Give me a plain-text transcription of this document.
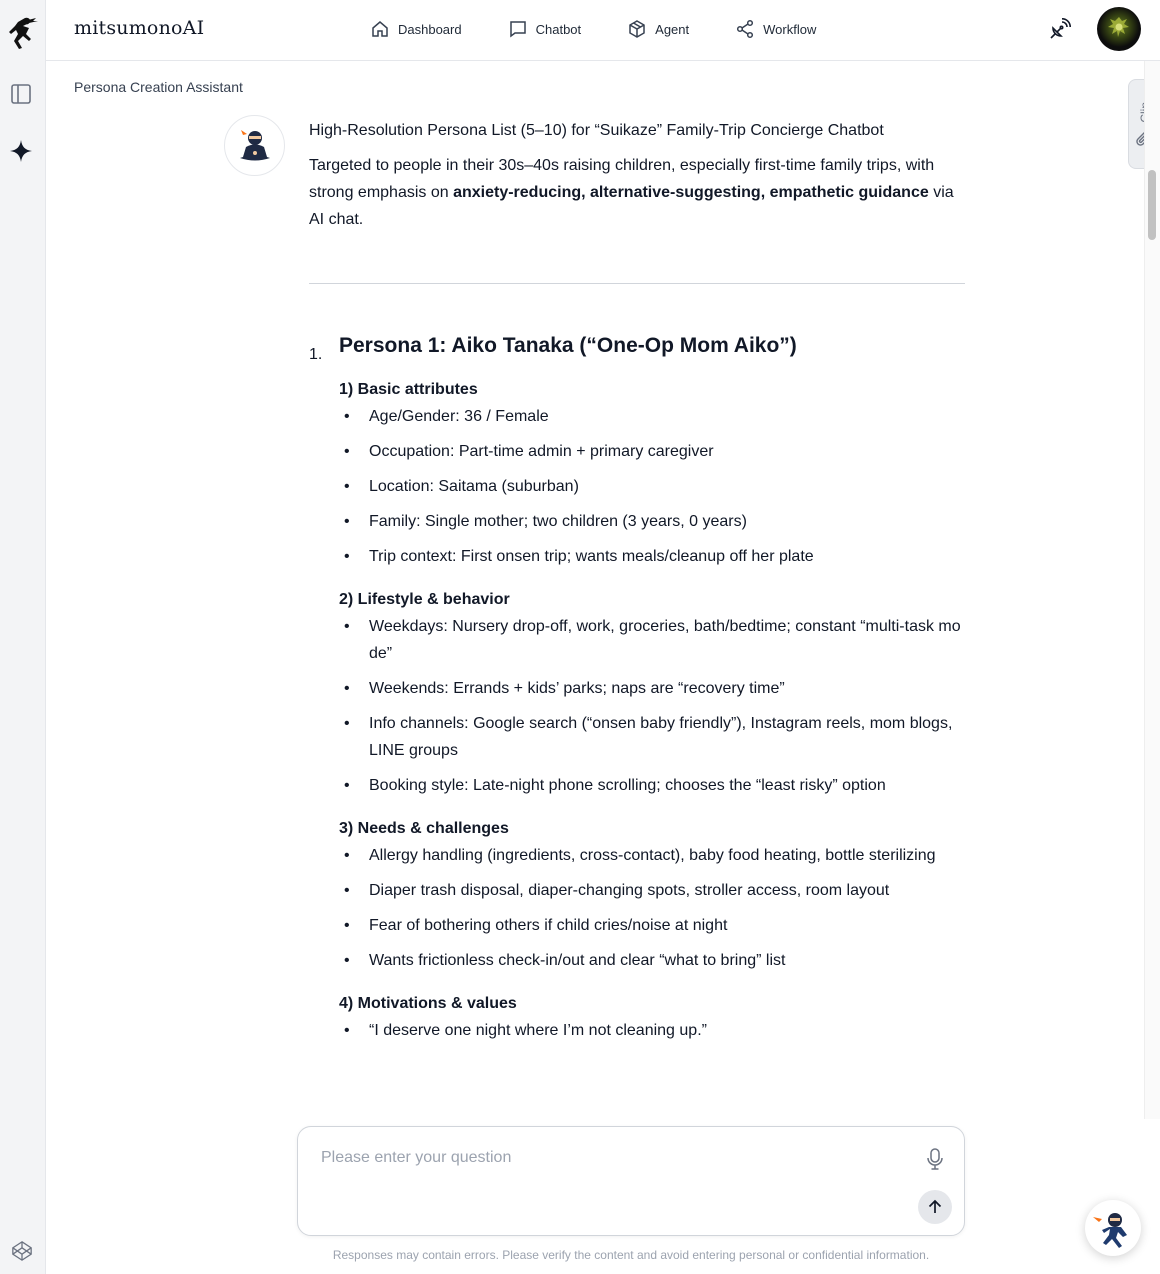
mitsumonoAI	Dashboard	Chatbot	Agent	Workflow
Persona Creation Assistant

High-Resolution Persona List (5–10) for “Suikaze” Family-Trip Concierge Chatbot

Targeted to people in their 30s–40s raising children, especially first-time family trips, with strong emphasis on anxiety-reducing, alternative-suggesting, empathetic guidance via AI chat.

1. Persona 1: Aiko Tanaka (“One-Op Mom Aiko”)

1) Basic attributes

• Age/Gender: 36 / Female
• Occupation: Part-time admin + primary caregiver
• Location: Saitama (suburban)
• Family: Single mother; two children (3 years, 0 years)
• Trip context: First onsen trip; wants meals/cleanup off her plate

2) Lifestyle & behavior

• Weekdays: Nursery drop-off, work, groceries, bath/bedtime; constant “multi-task mode”
• Weekends: Errands + kids’ parks; naps are “recovery time”
• Info channels: Google search (“onsen baby friendly”), Instagram reels, mom blogs, LINE groups
• Booking style: Late-night phone scrolling; chooses the “least risky” option

3) Needs & challenges

• Allergy handling (ingredients, cross-contact), baby food heating, bottle sterilizing
• Diaper trash disposal, diaper-changing spots, stroller access, room layout
• Fear of bothering others if child cries/noise at night
• Wants frictionless check-in/out and clear “what to bring” list

4) Motivations & values

• “I deserve one night where I’m not cleaning up.”
Please enter your question
Responses may contain errors. Please verify the content and avoid entering personal or confidential information.
